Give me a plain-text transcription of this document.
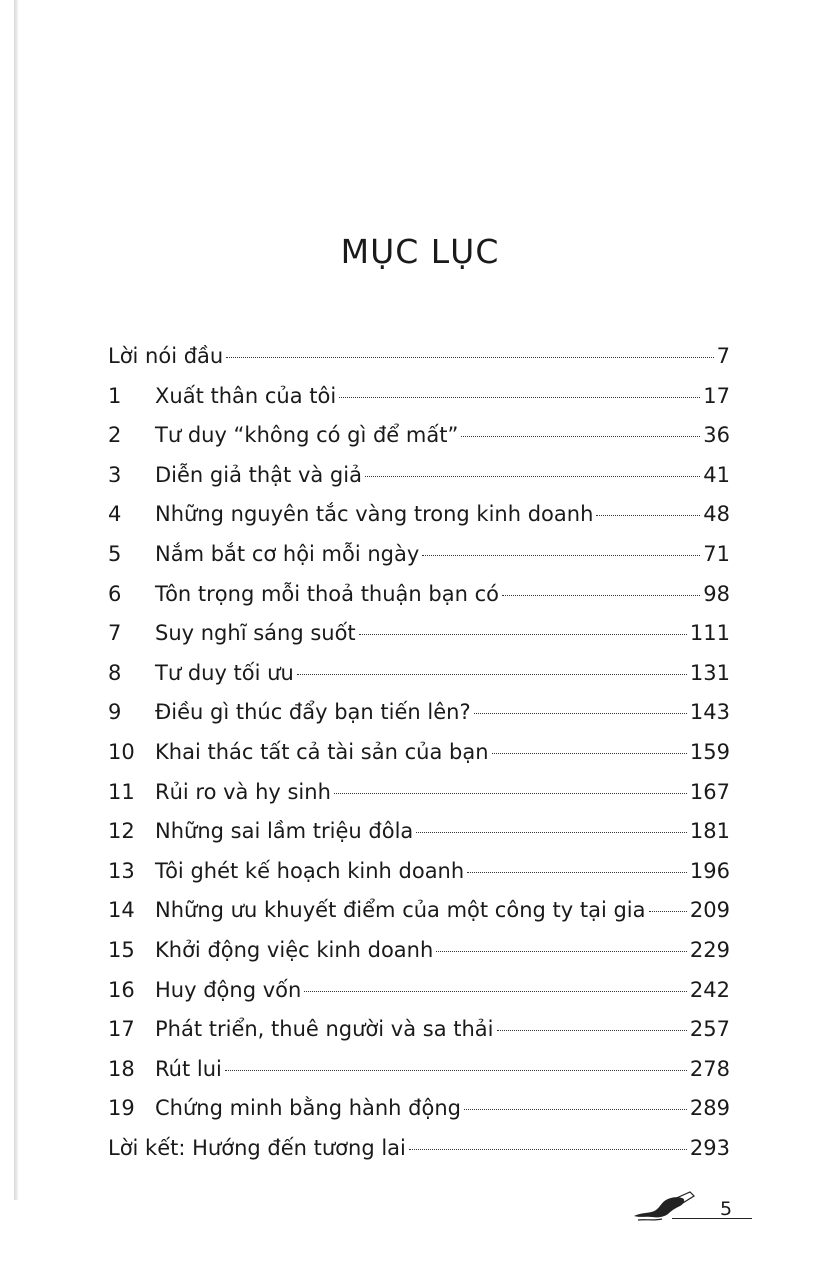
MỤC LỤC
Lời nói đầu	7
1	Xuất thân của tôi	17
2	Tư duy “không có gì để mất”	36
3	Diễn giả thật và giả	41
4	Những nguyên tắc vàng trong kinh doanh	48
5	Nắm bắt cơ hội mỗi ngày	71
6	Tôn trọng mỗi thoả thuận bạn có	98
7	Suy nghĩ sáng suốt	111
8	Tư duy tối ưu	131
9	Điều gì thúc đẩy bạn tiến lên?	143
10 Khai thác tất cả tài sản của bạn	159
11 Rủi ro và hy sinh	167
12 Những sai lầm triệu đôla	181
13 Tôi ghét kế hoạch kinh doanh	196
14 Những ưu khuyết điểm của một công ty tại gia 209
15 Khởi động việc kinh doanh	229
16 Huy động vốn	242
17 Phát triển, thuê người và sa thải	257
18 Rút lui	278
19 Chứng minh bằng hành động	289
Lời kết: Hướng đến tương lai	293
5
